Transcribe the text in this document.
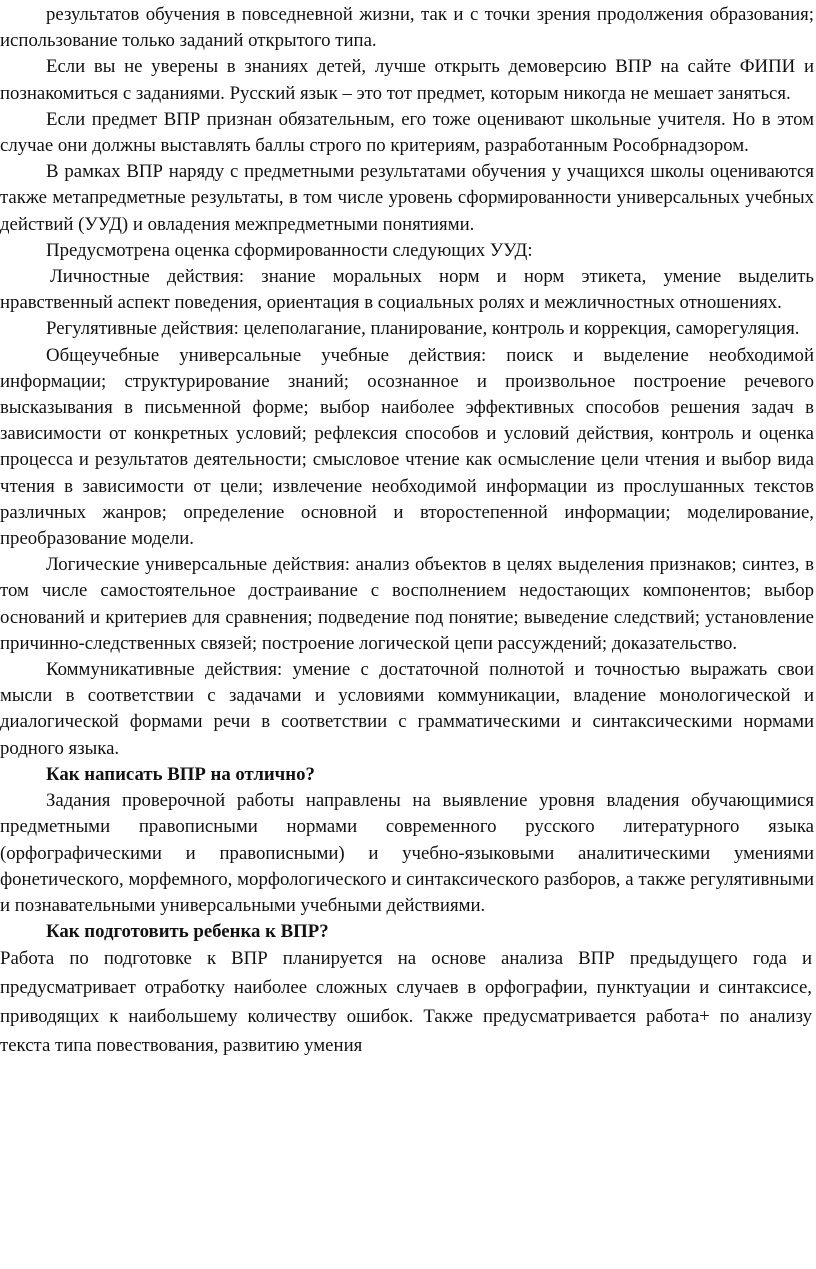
результатов обучения в повседневной жизни, так и с точки зрения продолжения образования; использование только заданий открытого типа.

Если вы не уверены в знаниях детей, лучше открыть демоверсию ВПР на сайте ФИПИ и познакомиться с заданиями. Русский язык – это тот предмет, которым никогда не мешает заняться.

Если предмет ВПР признан обязательным, его тоже оценивают школьные учителя. Но в этом случае они должны выставлять баллы строго по критериям, разработанным Рособрнадзором.

В рамках ВПР наряду с предметными результатами обучения у учащихся школы оцениваются также метапредметные результаты, в том числе уровень сформированности универсальных учебных действий (УУД) и овладения межпредметными понятиями.

Предусмотрена оценка сформированности следующих УУД:

Личностные действия: знание моральных норм и норм этикета, умение выделить нравственный аспект поведения, ориентация в социальных ролях и межличностных отношениях.

Регулятивные действия: целеполагание, планирование, контроль и коррекция, саморегуляция.

Общеучебные универсальные учебные действия: поиск и выделение необходимой информации; структурирование знаний; осознанное и произвольное построение речевого высказывания в письменной форме; выбор наиболее эффективных способов решения задач в зависимости от конкретных условий; рефлексия способов и условий действия, контроль и оценка процесса и результатов деятельности; смысловое чтение как осмысление цели чтения и выбор вида чтения в зависимости от цели; извлечение необходимой информации из прослушанных текстов различных жанров; определение основной и второстепенной информации; моделирование, преобразование модели.

Логические универсальные действия: анализ объектов в целях выделения признаков; синтез, в том числе самостоятельное достраивание с восполнением недостающих компонентов; выбор оснований и критериев для сравнения; подведение под понятие; выведение следствий; установление причинно-следственных связей; построение логической цепи рассуждений; доказательство.

Коммуникативные действия: умение с достаточной полнотой и точностью выражать свои мысли в соответствии с задачами и условиями коммуникации, владение монологической и диалогической формами речи в соответствии с грамматическими и синтаксическими нормами родного языка.

Как написать ВПР на отлично?

Задания проверочной работы направлены на выявление уровня владения обучающимися предметными правописными нормами современного русского литературного языка (орфографическими и правописными) и учебно-языковыми аналитическими умениями фонетического, морфемного, морфологического и синтаксического разборов, а также регулятивными и познавательными универсальными учебными действиями.

Как подготовить ребенка к ВПР?

Работа по подготовке к ВПР планируется на основе анализа ВПР предыдущего года и предусматривает отработку наиболее сложных случаев в орфографии, пунктуации и синтаксисе, приводящих к наибольшему количеству ошибок. Также предусматривается работа+ по анализу текста типа повествования, развитию умения
